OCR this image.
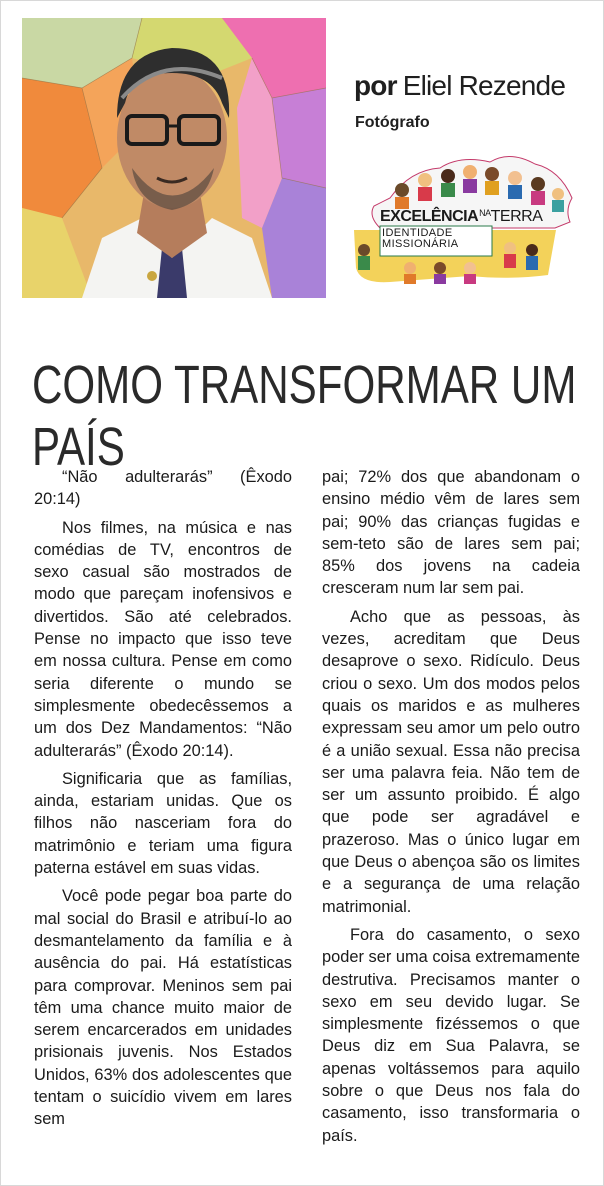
por Eliel Rezende
Fotógrafo
$EXCELÊNCIA^{NA}TERRA$
IDENTIDADE
MISSIONÁRIA
COMO TRANSFORMAR UM PAÍS

“Não adulterarás” (Êxodo 20:14)

Nos filmes, na música e nas comédias de TV, encontros de sexo casual são mostrados de modo que pareçam inofensivos e divertidos. São até celebrados. Pense no impacto que isso teve em nossa cultura. Pense em como seria diferente o mundo se simplesmente obedecêssemos a um dos Dez Mandamentos: “Não adulterarás” (Êxodo 20:14).

Significaria que as famílias, ainda, estariam unidas. Que os filhos não nasceriam fora do matrimônio e teriam uma figura paterna estável em suas vidas.

Você pode pegar boa parte do mal social do Brasil e atribuí-lo ao desmantelamento da família e à ausência do pai. Há estatísticas para comprovar. Meninos sem pai têm uma chance muito maior de serem encarcerados em unidades prisionais juvenis. Nos Estados Unidos, 63% dos adolescentes que tentam o suicídio vivem em lares sem

pai; 72% dos que abandonam o ensino médio vêm de lares sem pai; 90% das crianças fugidas e sem-teto são de lares sem pai; 85% dos jovens na cadeia cresceram num lar sem pai.

Acho que as pessoas, às vezes, acreditam que Deus desaprove o sexo. Ridículo. Deus criou o sexo. Um dos modos pelos quais os maridos e as mulheres expressam seu amor um pelo outro é a união sexual. Essa não precisa ser uma palavra feia. Não tem de ser um assunto proibido. É algo que pode ser agradável e prazeroso. Mas o único lugar em que Deus o abençoa são os limites e a segurança de uma relação matrimonial.

Fora do casamento, o sexo poder ser uma coisa extremamente destrutiva. Precisamos manter o sexo em seu devido lugar. Se simplesmente fizéssemos o que Deus diz em Sua Palavra, se apenas voltássemos para aquilo sobre o que Deus nos fala do casamento, isso transformaria o país.
